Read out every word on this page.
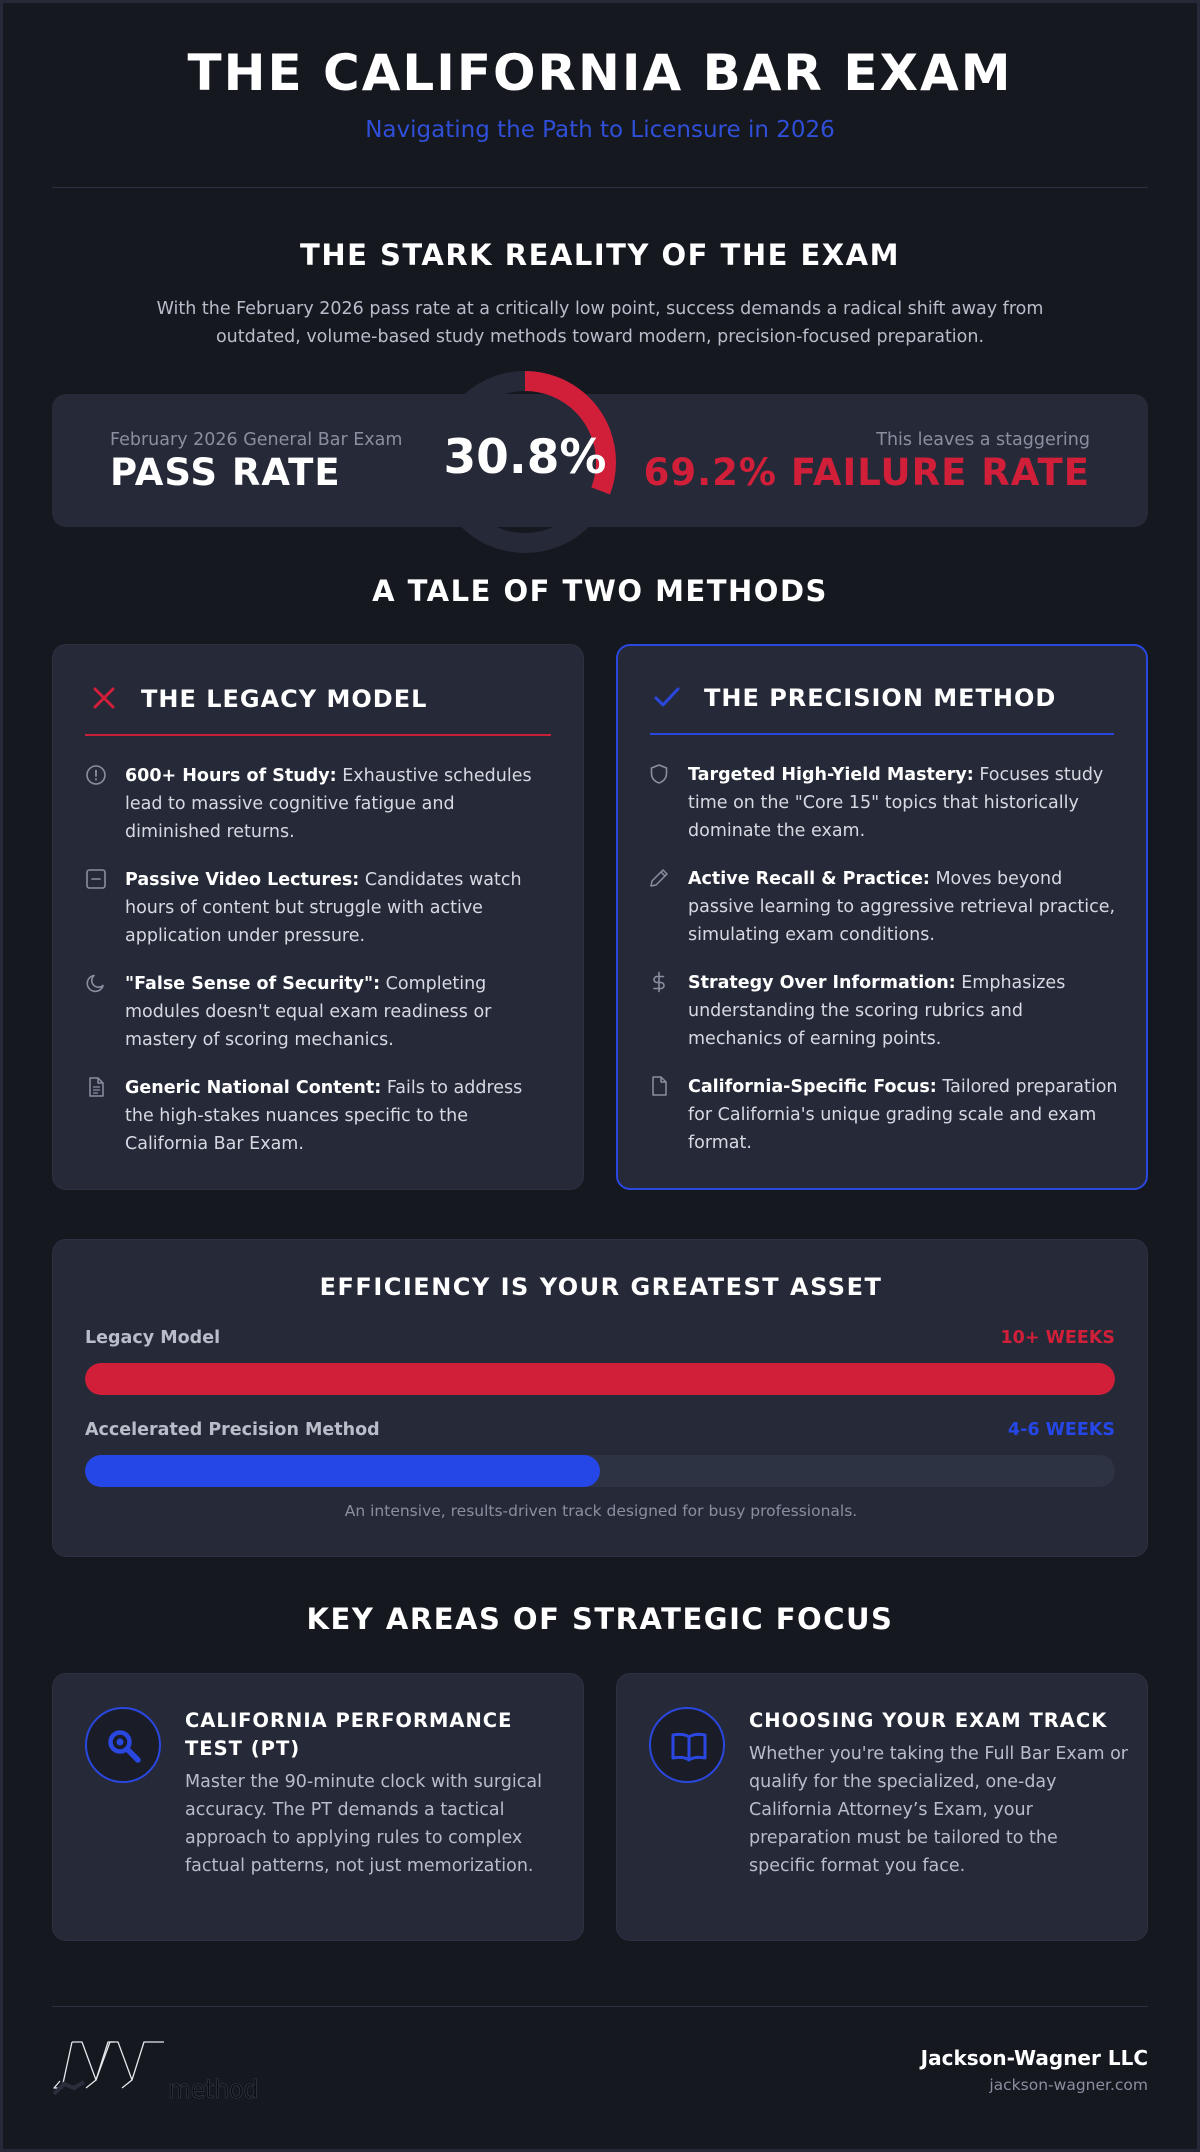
THE CALIFORNIA BAR EXAM
Navigating the Path to Licensure in 2026
THE STARK REALITY OF THE EXAM
With the February 2026 pass rate at a critically low point, success demands a radical shift away from outdated, volume-based study methods toward modern, precision-focused preparation.
February 2026 General Bar Exam
PASS RATE
This leaves a staggering
69.2% FAILURE RATE
30.8%
A TALE OF TWO METHODS
THE LEGACY MODEL
600+ Hours of Study: Exhaustive schedules lead to massive cognitive fatigue and diminished returns.
Passive Video Lectures: Candidates watch hours of content but struggle with active application under pressure.
"False Sense of Security": Completing modules doesn't equal exam readiness or mastery of scoring mechanics.
Generic National Content: Fails to address the high-stakes nuances specific to the California Bar Exam.
THE PRECISION METHOD
Targeted High-Yield Mastery: Focuses study time on the "Core 15" topics that historically dominate the exam.
Active Recall & Practice: Moves beyond passive learning to aggressive retrieval practice, simulating exam conditions.
Strategy Over Information: Emphasizes understanding the scoring rubrics and mechanics of earning points.
California-Specific Focus: Tailored preparation for California's unique grading scale and exam format.
EFFICIENCY IS YOUR GREATEST ASSET
Legacy Model	10+ WEEKS
Accelerated Precision Method	4-6 WEEKS
An intensive, results-driven track designed for busy professionals.
KEY AREAS OF STRATEGIC FOCUS
CALIFORNIA PERFORMANCE TEST (PT)
Master the 90-minute clock with surgical accuracy. The PT demands a tactical approach to applying rules to complex factual patterns, not just memorization.
CHOOSING YOUR EXAM TRACK
Whether you're taking the Full Bar Exam or qualify for the specialized, one-day California Attorney’s Exam, your preparation must be tailored to the specific format you face.
method
Jackson-Wagner LLC
jackson-wagner.com
